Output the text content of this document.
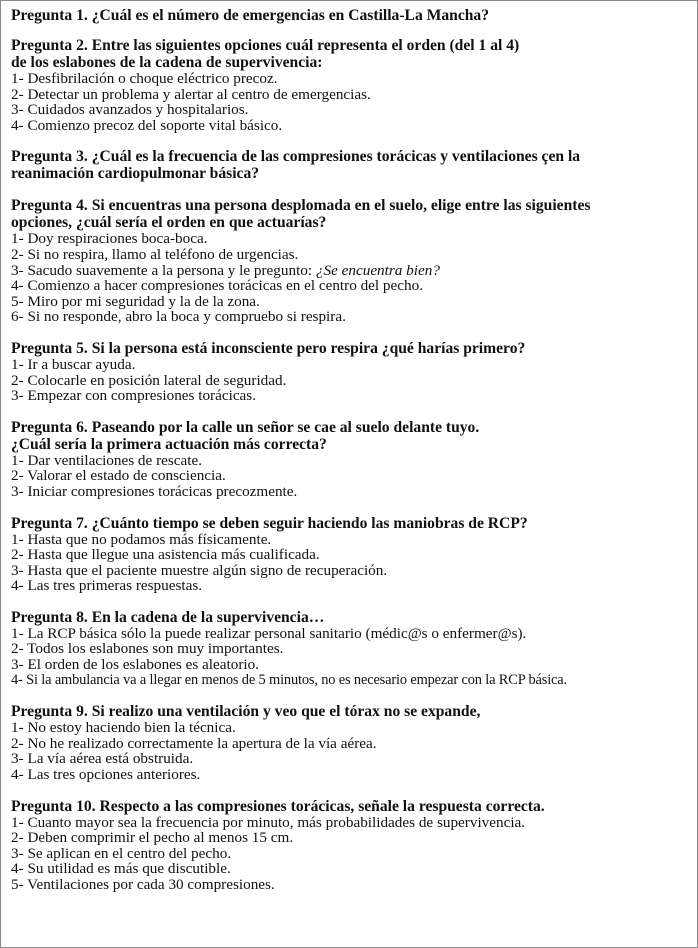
Pregunta 1. ¿Cuál es el número de emergencias en Castilla-La Mancha?
Pregunta 2. Entre las siguientes opciones cuál representa el orden (del 1 al 4)
de los eslabones de la cadena de supervivencia:
1- Desfibrilación o choque eléctrico precoz.
2- Detectar un problema y alertar al centro de emergencias.
3- Cuidados avanzados y hospitalarios.
4- Comienzo precoz del soporte vital básico.
Pregunta 3. ¿Cuál es la frecuencia de las compresiones torácicas y ventilaciones çen la
reanimación cardiopulmonar básica?
Pregunta 4. Si encuentras una persona desplomada en el suelo, elige entre las siguientes
opciones, ¿cuál sería el orden en que actuarías?
1- Doy respiraciones boca-boca.
2- Si no respira, llamo al teléfono de urgencias.
3- Sacudo suavemente a la persona y le pregunto: ¿Se encuentra bien?
4- Comienzo a hacer compresiones torácicas en el centro del pecho.
5- Miro por mi seguridad y la de la zona.
6- Si no responde, abro la boca y compruebo si respira.
Pregunta 5. Si la persona está inconsciente pero respira ¿qué harías primero?
1- Ir a buscar ayuda.
2- Colocarle en posición lateral de seguridad.
3- Empezar con compresiones torácicas.
Pregunta 6. Paseando por la calle un señor se cae al suelo delante tuyo.
¿Cuál sería la primera actuación más correcta?
1- Dar ventilaciones de rescate.
2- Valorar el estado de consciencia.
3- Iniciar compresiones torácicas precozmente.
Pregunta 7. ¿Cuánto tiempo se deben seguir haciendo las maniobras de RCP?
1- Hasta que no podamos más físicamente.
2- Hasta que llegue una asistencia más cualificada.
3- Hasta que el paciente muestre algún signo de recuperación.
4- Las tres primeras respuestas.
Pregunta 8. En la cadena de la supervivencia…
1- La RCP básica sólo la puede realizar personal sanitario (médic@s o enfermer@s).
2- Todos los eslabones son muy importantes.
3- El orden de los eslabones es aleatorio.
4- Si la ambulancia va a llegar en menos de 5 minutos, no es necesario empezar con la RCP básica.
Pregunta 9. Si realizo una ventilación y veo que el tórax no se expande,
1- No estoy haciendo bien la técnica.
2- No he realizado correctamente la apertura de la vía aérea.
3- La vía aérea está obstruida.
4- Las tres opciones anteriores.
Pregunta 10. Respecto a las compresiones torácicas, señale la respuesta correcta.
1- Cuanto mayor sea la frecuencia por minuto, más probabilidades de supervivencia.
2- Deben comprimir el pecho al menos 15 cm.
3- Se aplican en el centro del pecho.
4- Su utilidad es más que discutible.
5- Ventilaciones por cada 30 compresiones.
